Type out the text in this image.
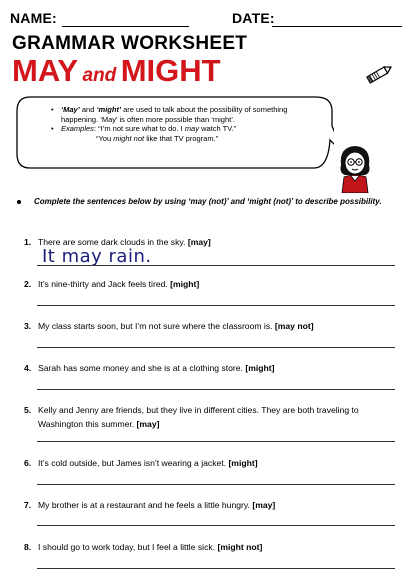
NAME:	DATE:
GRAMMAR WORKSHEET
MAY and MIGHT
• ‘May’ and ‘might’ are used to talk about the possibility of something happening. ‘May’ is often more possible than ‘might’.
• Examples: “I’m not sure what to do. I may watch TV.”
“You might not like that TV program.”
Complete the sentences below by using ‘may (not)’ and ‘might (not)’ to describe possibility.
1. There are some dark clouds in the sky. [may]
It may rain.
2. It’s nine-thirty and Jack feels tired. [might]
3. My class starts soon, but I’m not sure where the classroom is. [may not]
4. Sarah has some money and she is at a clothing store. [might]
5. Kelly and Jenny are friends, but they live in different cities. They are both traveling to Washington this summer. [may]
6. It’s cold outside, but James isn’t wearing a jacket. [might]
7. My brother is at a restaurant and he feels a little hungry. [may]
8. I should go to work today, but I feel a little sick. [might not]
